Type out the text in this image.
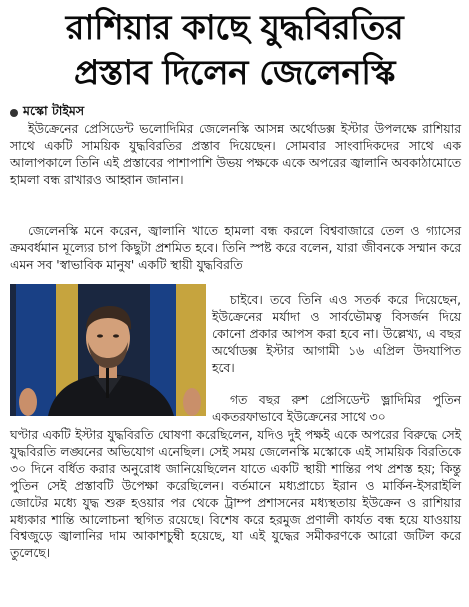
রাশিয়ার কাছে যুদ্ধবিরতির
প্রস্তাব দিলেন জেলেনস্কি
মস্কো টাইমস

ইউক্রেনের প্রেসিডেন্ট ভলোদিমির জেলেনস্কি আসন্ন অর্থোডক্স ইস্টার উপলক্ষে রাশিয়ার সাথে একটি সাময়িক যুদ্ধবিরতির প্রস্তাব দিয়েছেন। সোমবার সাংবাদিকদের সাথে এক আলাপকালে তিনি এই প্রস্তাবের পাশাপাশি উভয় পক্ষকে একে অপরের জ্বালানি অবকাঠামোতে হামলা বন্ধ রাখারও আহ্বান জানান।

জেলেনস্কি মনে করেন, জ্বালানি খাতে হামলা বন্ধ করলে বিশ্ববাজারে তেল ও গ্যাসের ক্রমবর্ধমান মূল্যের চাপ কিছুটা প্রশমিত হবে। তিনি স্পষ্ট করে বলেন, যারা জীবনকে সম্মান করে এমন সব 'স্বাভাবিক মানুষ' একটি স্থায়ী যুদ্ধবিরতি

চাইবে। তবে তিনি এও সতর্ক করে দিয়েছেন, ইউক্রেনের মর্যাদা ও সার্বভৌমত্ব বিসর্জন দিয়ে কোনো প্রকার আপস করা হবে না। উল্লেখ্য, এ বছর অর্থোডক্স ইস্টার আগামী ১৬ এপ্রিল উদযাপিত হবে।

গত বছর রুশ প্রেসিডেন্ট ভ্লাদিমির পুতিন একতরফাভাবে ইউক্রেনের সাথে ৩০

ঘণ্টার একটি ইস্টার যুদ্ধবিরতি ঘোষণা করেছিলেন, যদিও দুই পক্ষই একে অপরের বিরুদ্ধে সেই যুদ্ধবিরতি লঙ্ঘনের অভিযোগ এনেছিল। সেই সময় জেলেনস্কি মস্কোকে এই সাময়িক বিরতিকে ৩০ দিনে বর্ধিত করার অনুরোধ জানিয়েছিলেন যাতে একটি স্থায়ী শান্তির পথ প্রশস্ত হয়; কিন্তু পুতিন সেই প্রস্তাবটি উপেক্ষা করেছিলেন। বর্তমানে মধ্যপ্রাচ্যে ইরান ও মার্কিন-ইসরাইলি জোটের মধ্যে যুদ্ধ শুরু হওয়ার পর থেকে ট্রাম্প প্রশাসনের মধ্যস্থতায় ইউক্রেন ও রাশিয়ার মধ্যকার শান্তি আলোচনা স্থগিত রয়েছে। বিশেষ করে হরমুজ প্রণালী কার্যত বন্ধ হয়ে যাওয়ায় বিশ্বজুড়ে জ্বালানির দাম আকাশচুম্বী হয়েছে, যা এই যুদ্ধের সমীকরণকে আরো জটিল করে তুলেছে।
